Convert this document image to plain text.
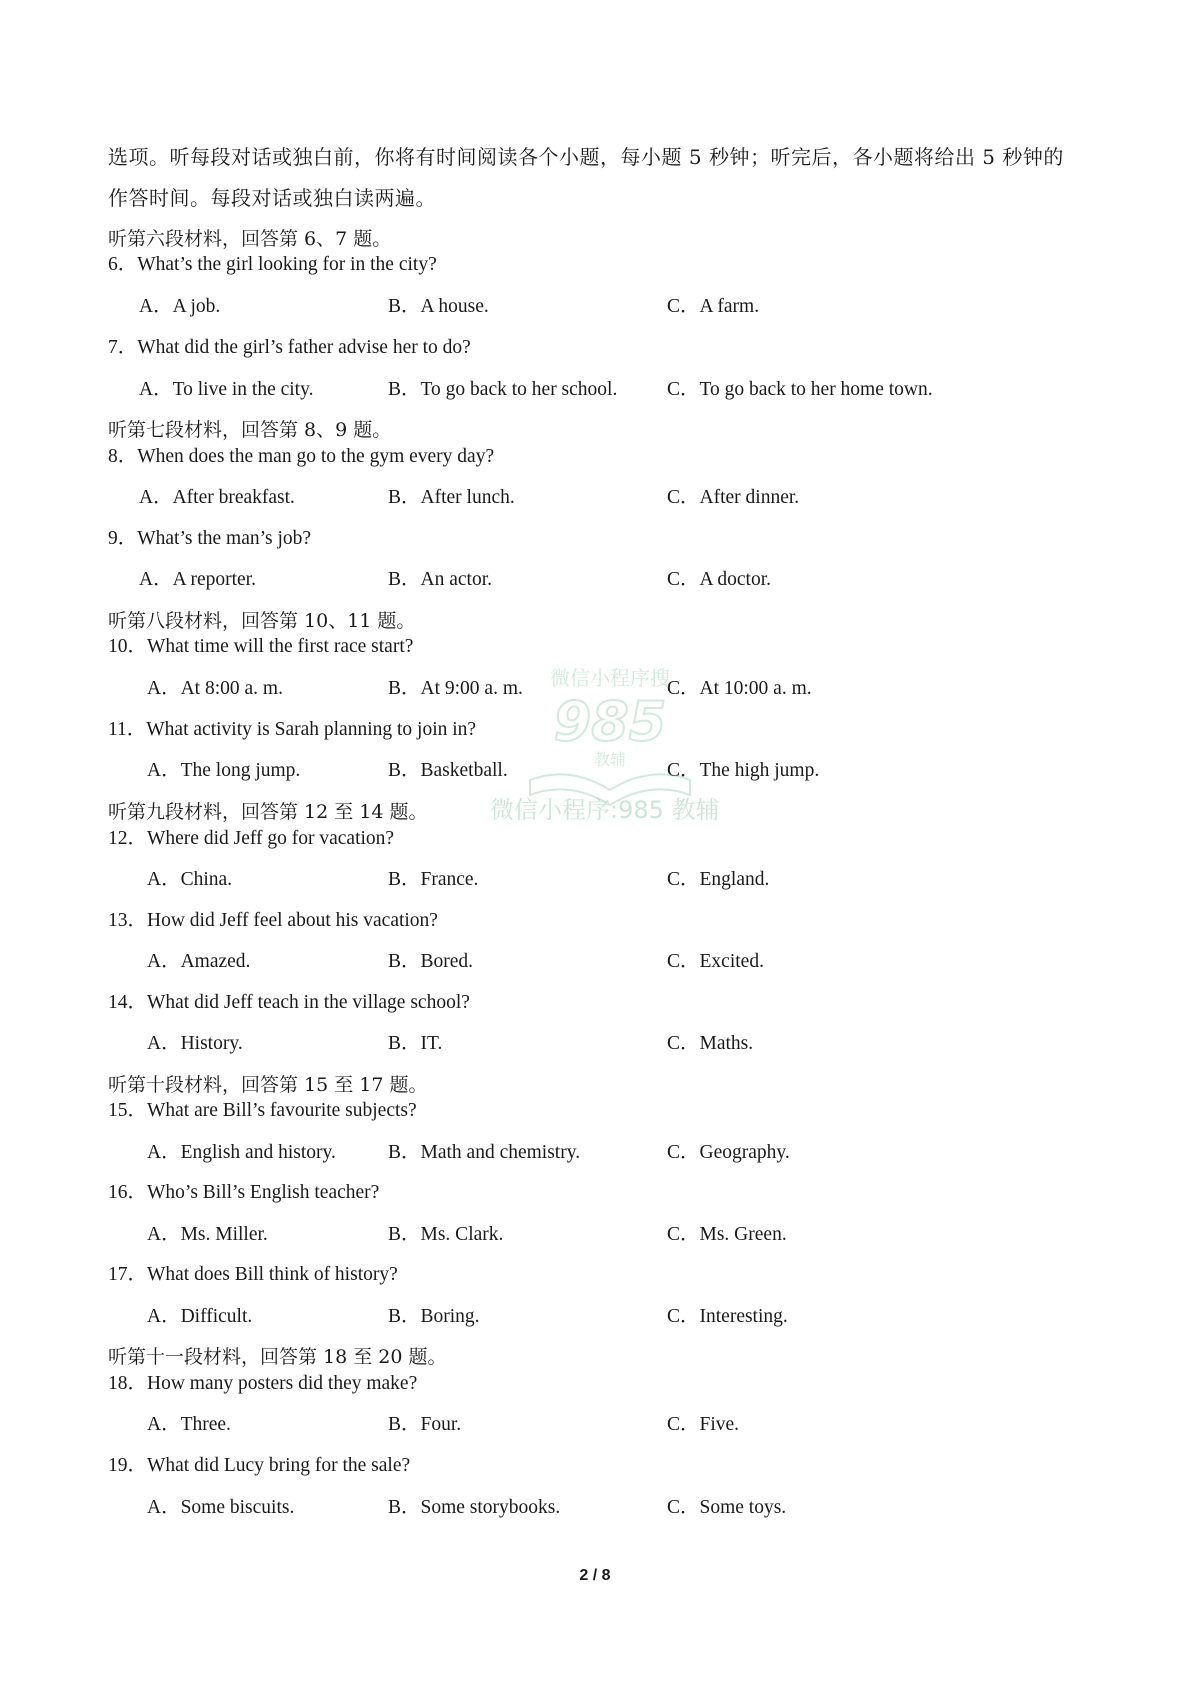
选项。听每段对话或独白前，你将有时间阅读各个小题，每小题 5 秒钟；听完后，各小题将给出 5 秒钟的
作答时间。每段对话或独白读两遍。
听第六段材料，回答第 6、7 题。
6．What’s the girl looking for in the city?
A．A job.	B．A house.	C．A farm.
7．What did the girl’s father advise her to do?
A．To live in the city.	B．To go back to her school.	C．To go back to her home town.
听第七段材料，回答第 8、9 题。
8．When does the man go to the gym every day?
A．After breakfast.	B．After lunch.	C．After dinner.
9．What’s the man’s job?
A．A reporter.	B．An actor.	C．A doctor.
听第八段材料，回答第 10、11 题。
10．What time will the first race start?
A．At 8:00 a. m.	B．At 9:00 a. m.	C．At 10:00 a. m.
11．What activity is Sarah planning to join in?
A．The long jump.	B．Basketball.	C．The high jump.
听第九段材料，回答第 12 至 14 题。
12．Where did Jeff go for vacation?
A．China.	B．France.	C．England.
13．How did Jeff feel about his vacation?
A．Amazed.	B．Bored.	C．Excited.
14．What did Jeff teach in the village school?
A．History.	B．IT.	C．Maths.
听第十段材料，回答第 15 至 17 题。
15．What are Bill’s favourite subjects?
A．English and history.	B．Math and chemistry.	C．Geography.
16．Who’s Bill’s English teacher?
A．Ms. Miller.	B．Ms. Clark.	C．Ms. Green.
17．What does Bill think of history?
A．Difficult.	B．Boring.	C．Interesting.
听第十一段材料，回答第 18 至 20 题。
18．How many posters did they make?
A．Three.	B．Four.	C．Five.
19．What did Lucy bring for the sale?
A．Some biscuits.	B．Some storybooks.	C．Some toys.
微信小程序搜
985
教辅
微信小程序:985 教辅
2 / 8
